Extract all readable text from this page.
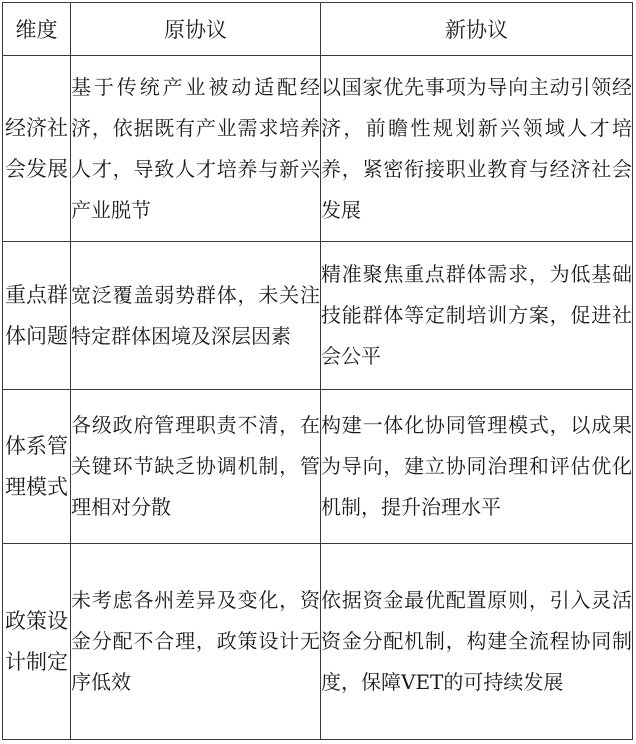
维度	原协议	新协议
经济社会发展	基于传统产业被动适配经济，依据既有产业需求培养人才，导致人才培养与新兴产业脱节	以国家优先事项为导向主动引领经济，前瞻性规划新兴领域人才培养，紧密衔接职业教育与经济社会发展
重点群体问题	宽泛覆盖弱势群体，未关注特定群体困境及深层因素	精准聚焦重点群体需求，为低基础技能群体等定制培训方案，促进社会公平
体系管理模式	各级政府管理职责不清，在关键环节缺乏协调机制，管理相对分散	构建一体化协同管理模式，以成果为导向，建立协同治理和评估优化机制，提升治理水平
政策设计制定	未考虑各州差异及变化，资金分配不合理，政策设计无序低效	依据资金最优配置原则，引入灵活资金分配机制，构建全流程协同制度，保障VET的可持续发展
